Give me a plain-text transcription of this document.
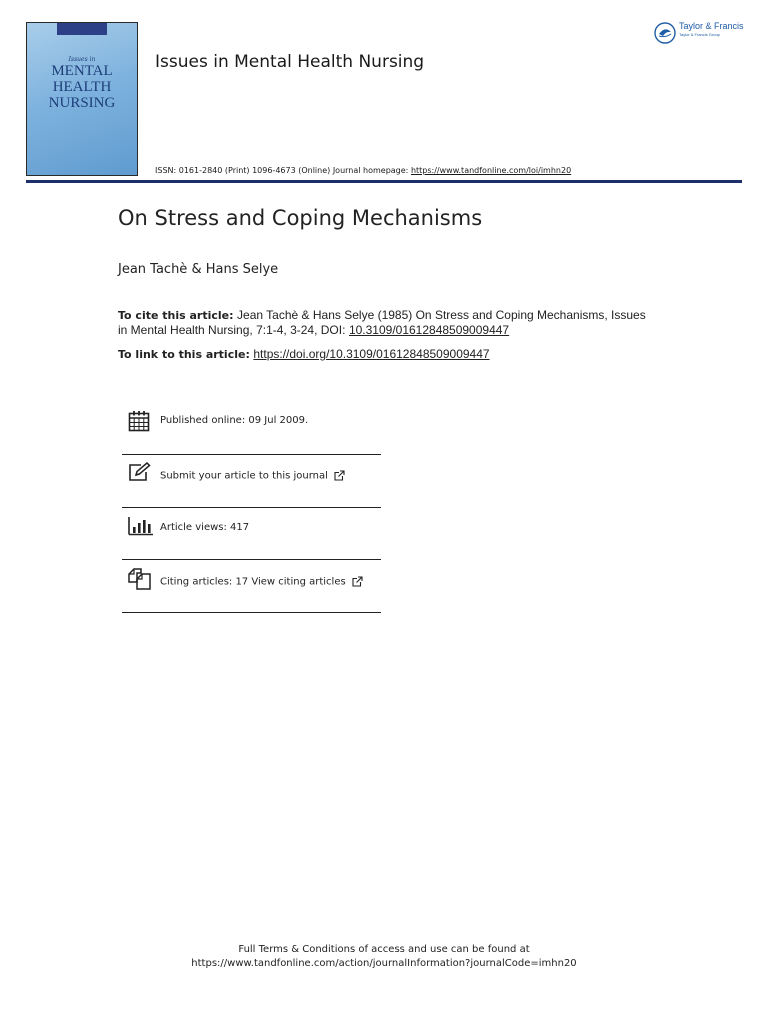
Issues in
MENTAL
HEALTH
NURSING
Issues in Mental Health Nursing
Taylor & Francis
Taylor & Francis Group
ISSN: 0161-2840 (Print) 1096-4673 (Online) Journal homepage: https://www.tandfonline.com/loi/imhn20
On Stress and Coping Mechanisms
Jean Tachè & Hans Selye
To cite this article: Jean Tachè & Hans Selye (1985) On Stress and Coping Mechanisms, Issues in Mental Health Nursing, 7:1-4, 3-24, DOI: 10.3109/01612848509009447
To link to this article: https://doi.org/10.3109/01612848509009447
Published online: 09 Jul 2009.
Submit your article to this journal
Article views: 417
Citing articles: 17 View citing articles
Full Terms & Conditions of access and use can be found at
https://www.tandfonline.com/action/journalInformation?journalCode=imhn20
